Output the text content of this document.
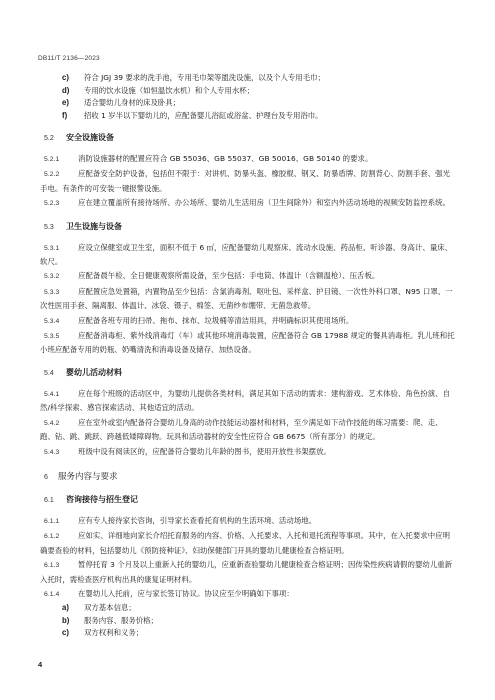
DB11/T 2136—2023
c) 符合 JGJ 39 要求的洗手池，专用毛巾架等盥洗设施，以及个人专用毛巾；
d) 专用的饮水设施（如恒温饮水机）和个人专用水杯；
e) 适合婴幼儿身材的床及卧具；
f) 招收 1 岁半以下婴幼儿的，应配备婴儿浴缸或浴盆、护理台及专用浴巾。
5.2 安全设施设备
5.2.1	消防设施器材的配置应符合 GB 55036、GB 55037、GB 50016、GB 50140 的要求。
5.2.2	应配备安全防护设备，包括但不限于：对讲机、防暴头盔、橡胶棍、钢叉、防暴盾牌、防割背心、防割手套、强光手电。有条件的可安装一键报警设施。
5.2.3	应在建立覆盖所有接待场所、办公场所、婴幼儿生活用房（卫生间除外）和室内外活动场地的视频安防监控系统。
5.3 卫生设施与设备
5.3.1	应设立保健室或卫生室，面积不低于 6 ㎡，应配备婴幼儿观察床、流动水设施、药品柜、听诊器、身高计、量床、软尺。
5.3.2	应配备晨午检、全日健康观察所需设备，至少包括：手电筒、体温计（含额温枪）、压舌板。
5.3.3	应配置应急处置箱，内置物品至少包括：含氯消毒剂、呕吐包、采样盒、护目镜、一次性外科口罩、N95 口罩、一次性医用手套、隔离服、体温计、冰袋、镊子、棉签、无菌纱布绷带、无菌急救带。
5.3.4	应配备各班专用的扫帚、拖布、抹布、垃圾桶等清洁用具，并明确标识其使用场所。
5.3.5	应配备消毒柜、紫外线消毒灯（车）或其他环境消毒装置，应配备符合 GB 17988 规定的餐具消毒柜。乳儿班和托小班应配备专用的奶瓶、奶嘴清洗和消毒设备及储存、加热设备。
5.4 婴幼儿活动材料
5.4.1	应在每个班级的活动区中，为婴幼儿提供各类材料，满足其如下活动的需求：建构游戏、艺术体验、角色扮演、自然/科学探索、感官探索活动、其他适宜的活动。
5.4.2	应在室外或室内配备符合婴幼儿身高的动作技能运动器材和材料，至少满足如下动作技能的练习需要：爬、走、跑、钻、跳、跳跃、跨越低矮障碍物。玩具和活动器材的安全性应符合 GB 6675（所有部分）的规定。
5.4.3	班级中设有阅读区的，应配备符合婴幼儿年龄的图书，使用开放性书架摆放。
6 服务内容与要求
6.1 咨询接待与招生登记
6.1.1	应有专人接待家长咨询，引导家长查看托育机构的生活环境、活动场地。
6.1.2	应如实、详细地向家长介绍托育服务的内容、价格、入托要求、入托和退托流程等事项。其中，在入托要求中应明确要查验的材料，包括婴幼儿《预防接种证》、妇幼保健部门开具的婴幼儿健康检查合格证明。
6.1.3	暂停托育 3 个月及以上重新入托的婴幼儿，应重新查验婴幼儿健康检查合格证明；因传染性疾病请假的婴幼儿重新入托时，需检查医疗机构出具的康复证明材料。
6.1.4	在婴幼儿入托前，应与家长签订协议。协议应至少明确如下事项：
a) 双方基本信息；
b) 服务内容、服务价格；
c) 双方权利和义务；
4
